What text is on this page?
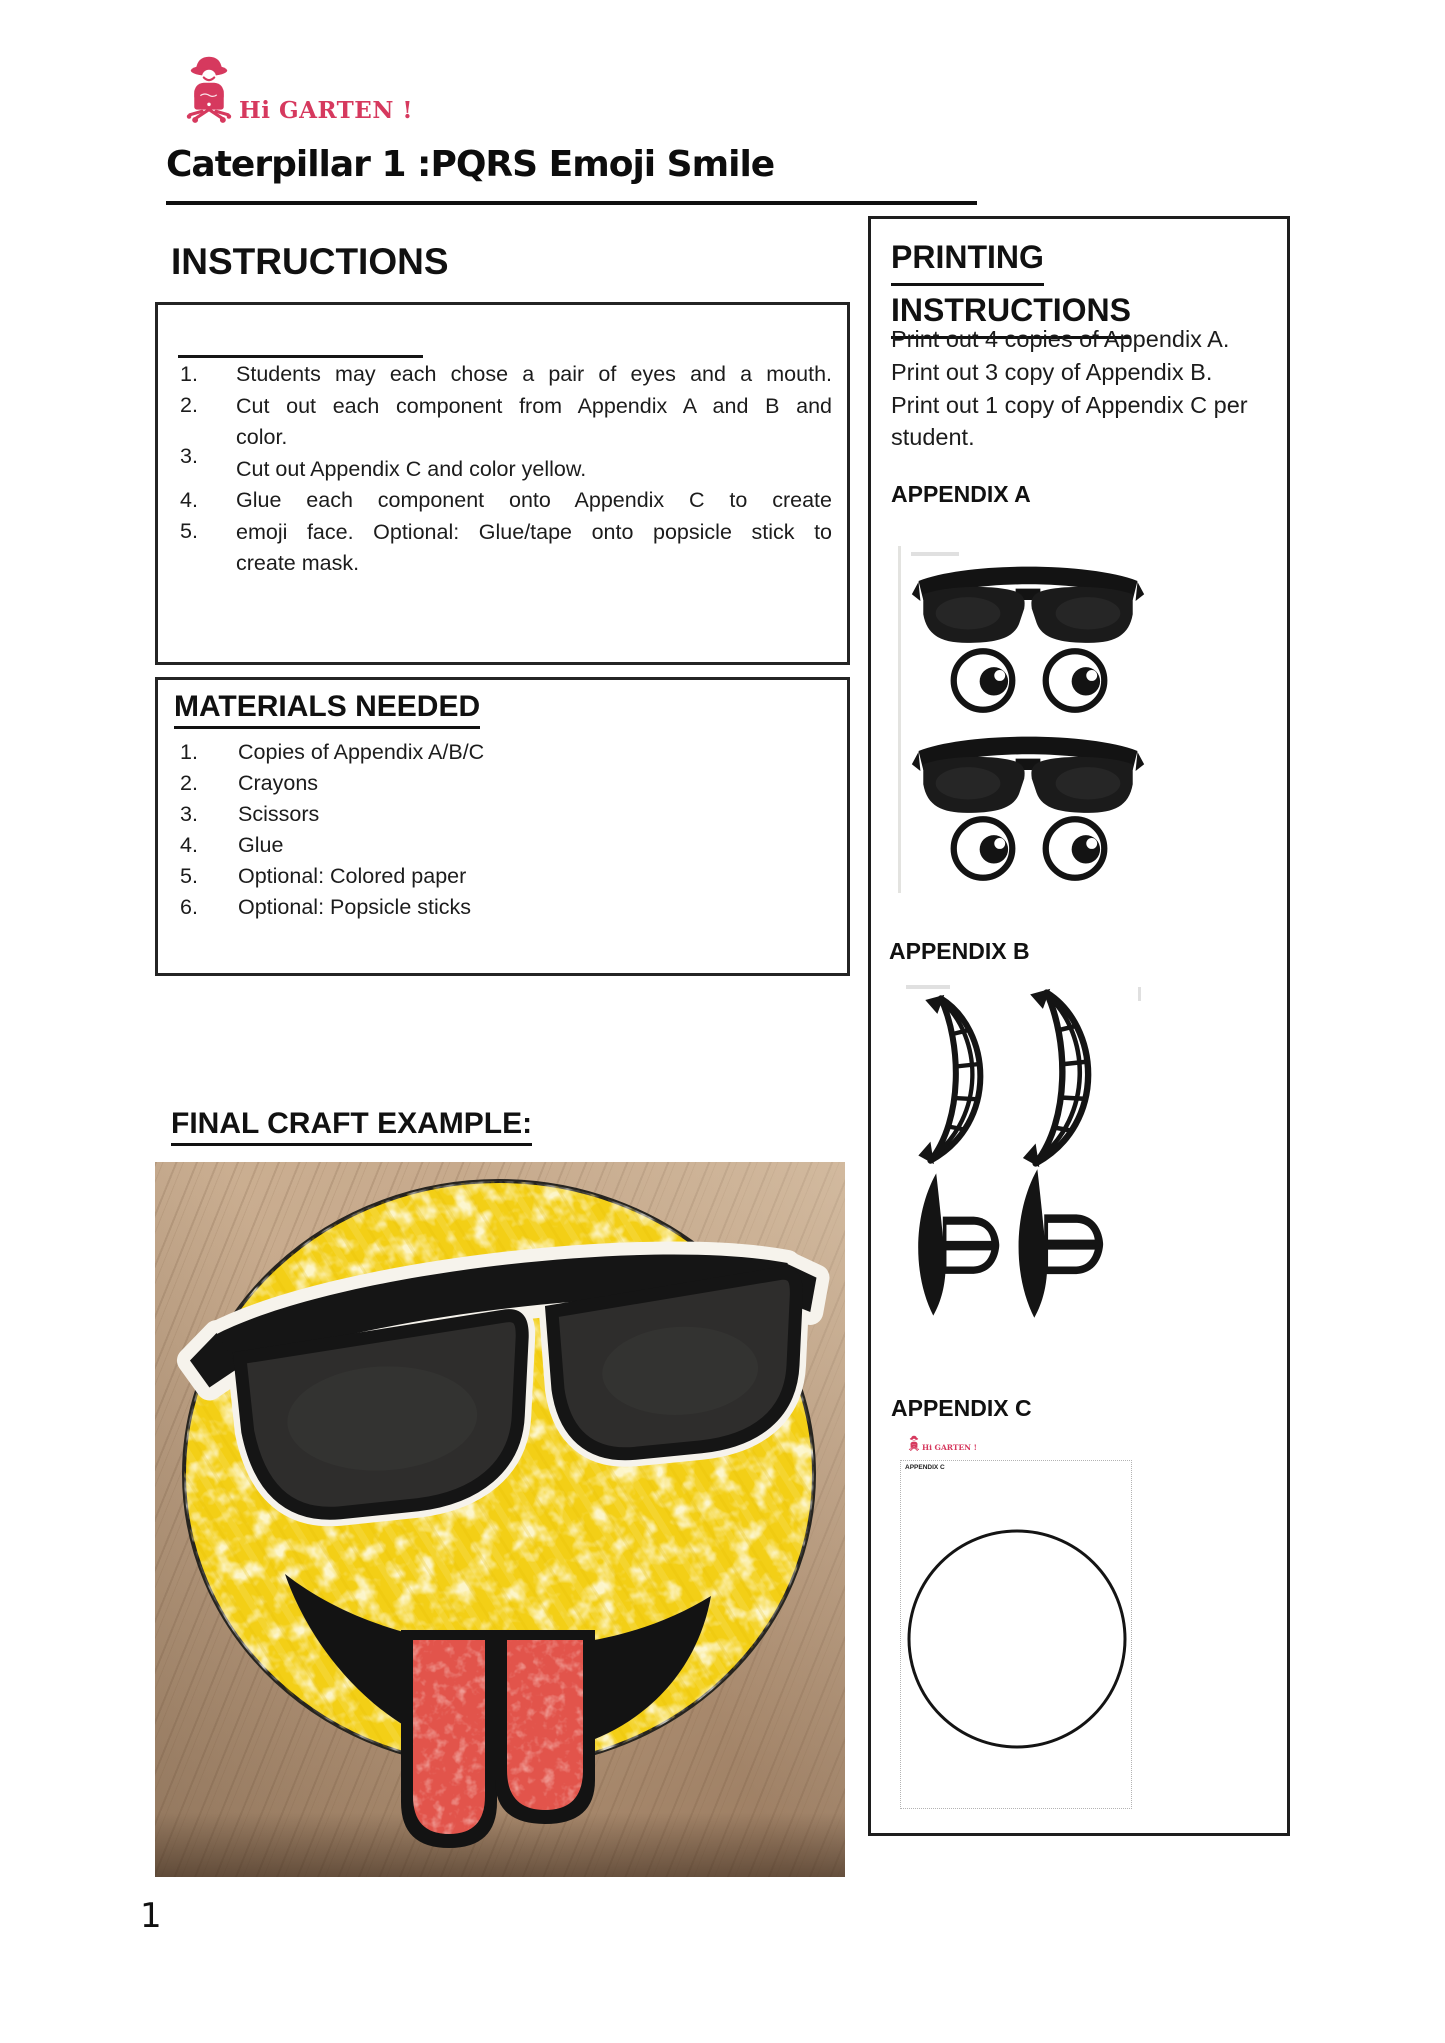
Hi GARTEN !
Caterpillar 1 :PQRS Emoji Smile
INSTRUCTIONS
1.
2.
3.
4.
5.
Students may each chose a pair of eyes and a mouth.
Cut out each component from Appendix A and B and
color.
Cut out Appendix C and color yellow.
Glue each component onto Appendix C to create
emoji face. Optional: Glue/tape onto popsicle stick to
create mask.
MATERIALS NEEDED
1.	Copies of Appendix A/B/C
2.	Crayons
3.	Scissors
4.	Glue
5.	Optional: Colored paper
6.	Optional: Popsicle sticks
FINAL CRAFT EXAMPLE:
PRINTING
INSTRUCTIONS
Print out 4 copies of Appendix A.
Print out 3 copy of Appendix B.
Print out 1 copy of Appendix C per
student.
APPENDIX A
APPENDIX B
APPENDIX C
Hi GARTEN !
APPENDIX C
1
